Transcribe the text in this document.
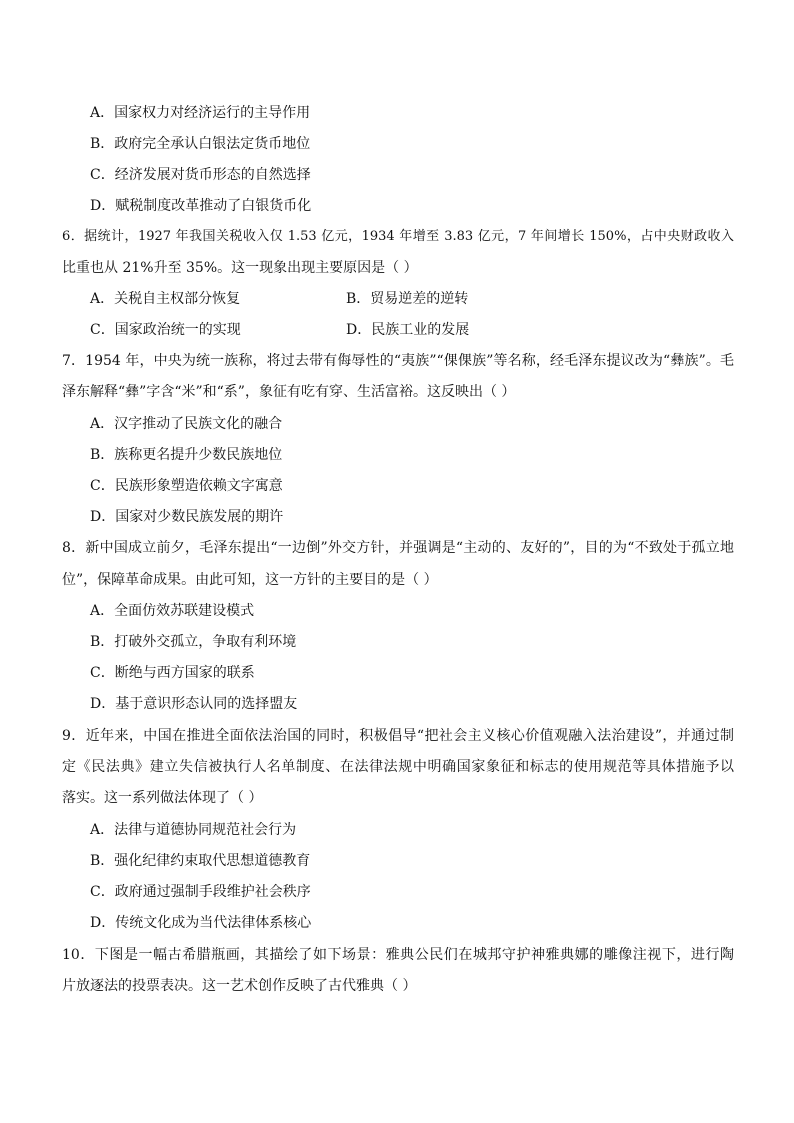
A．国家权力对经济运行的主导作用
B．政府完全承认白银法定货币地位
C．经济发展对货币形态的自然选择
D．赋税制度改革推动了白银货币化
6．据统计，1927 年我国关税收入仅 1.53 亿元，1934 年增至 3.83 亿元，7 年间增长 150%，占中央财政收入
比重也从 21%升至 35%。这一现象出现主要原因是（ ）
A．关税自主权部分恢复	B．贸易逆差的逆转
C．国家政治统一的实现	D．民族工业的发展
7．1954 年，中央为统一族称，将过去带有侮辱性的“夷族”“倮倮族”等名称，经毛泽东提议改为“彝族”。毛
泽东解释“彝”字含“米”和“系”，象征有吃有穿、生活富裕。这反映出（ ）
A．汉字推动了民族文化的融合
B．族称更名提升少数民族地位
C．民族形象塑造依赖文字寓意
D．国家对少数民族发展的期许
8．新中国成立前夕，毛泽东提出“一边倒”外交方针，并强调是“主动的、友好的”，目的为“不致处于孤立地
位”，保障革命成果。由此可知，这一方针的主要目的是（ ）
A．全面仿效苏联建设模式
B．打破外交孤立，争取有利环境
C．断绝与西方国家的联系
D．基于意识形态认同的选择盟友
9．近年来，中国在推进全面依法治国的同时，积极倡导“把社会主义核心价值观融入法治建设”，并通过制
定《民法典》建立失信被执行人名单制度、在法律法规中明确国家象征和标志的使用规范等具体措施予以
落实。这一系列做法体现了（ ）
A．法律与道德协同规范社会行为
B．强化纪律约束取代思想道德教育
C．政府通过强制手段维护社会秩序
D．传统文化成为当代法律体系核心
10．下图是一幅古希腊瓶画，其描绘了如下场景：雅典公民们在城邦守护神雅典娜的雕像注视下，进行陶
片放逐法的投票表决。这一艺术创作反映了古代雅典（ ）
